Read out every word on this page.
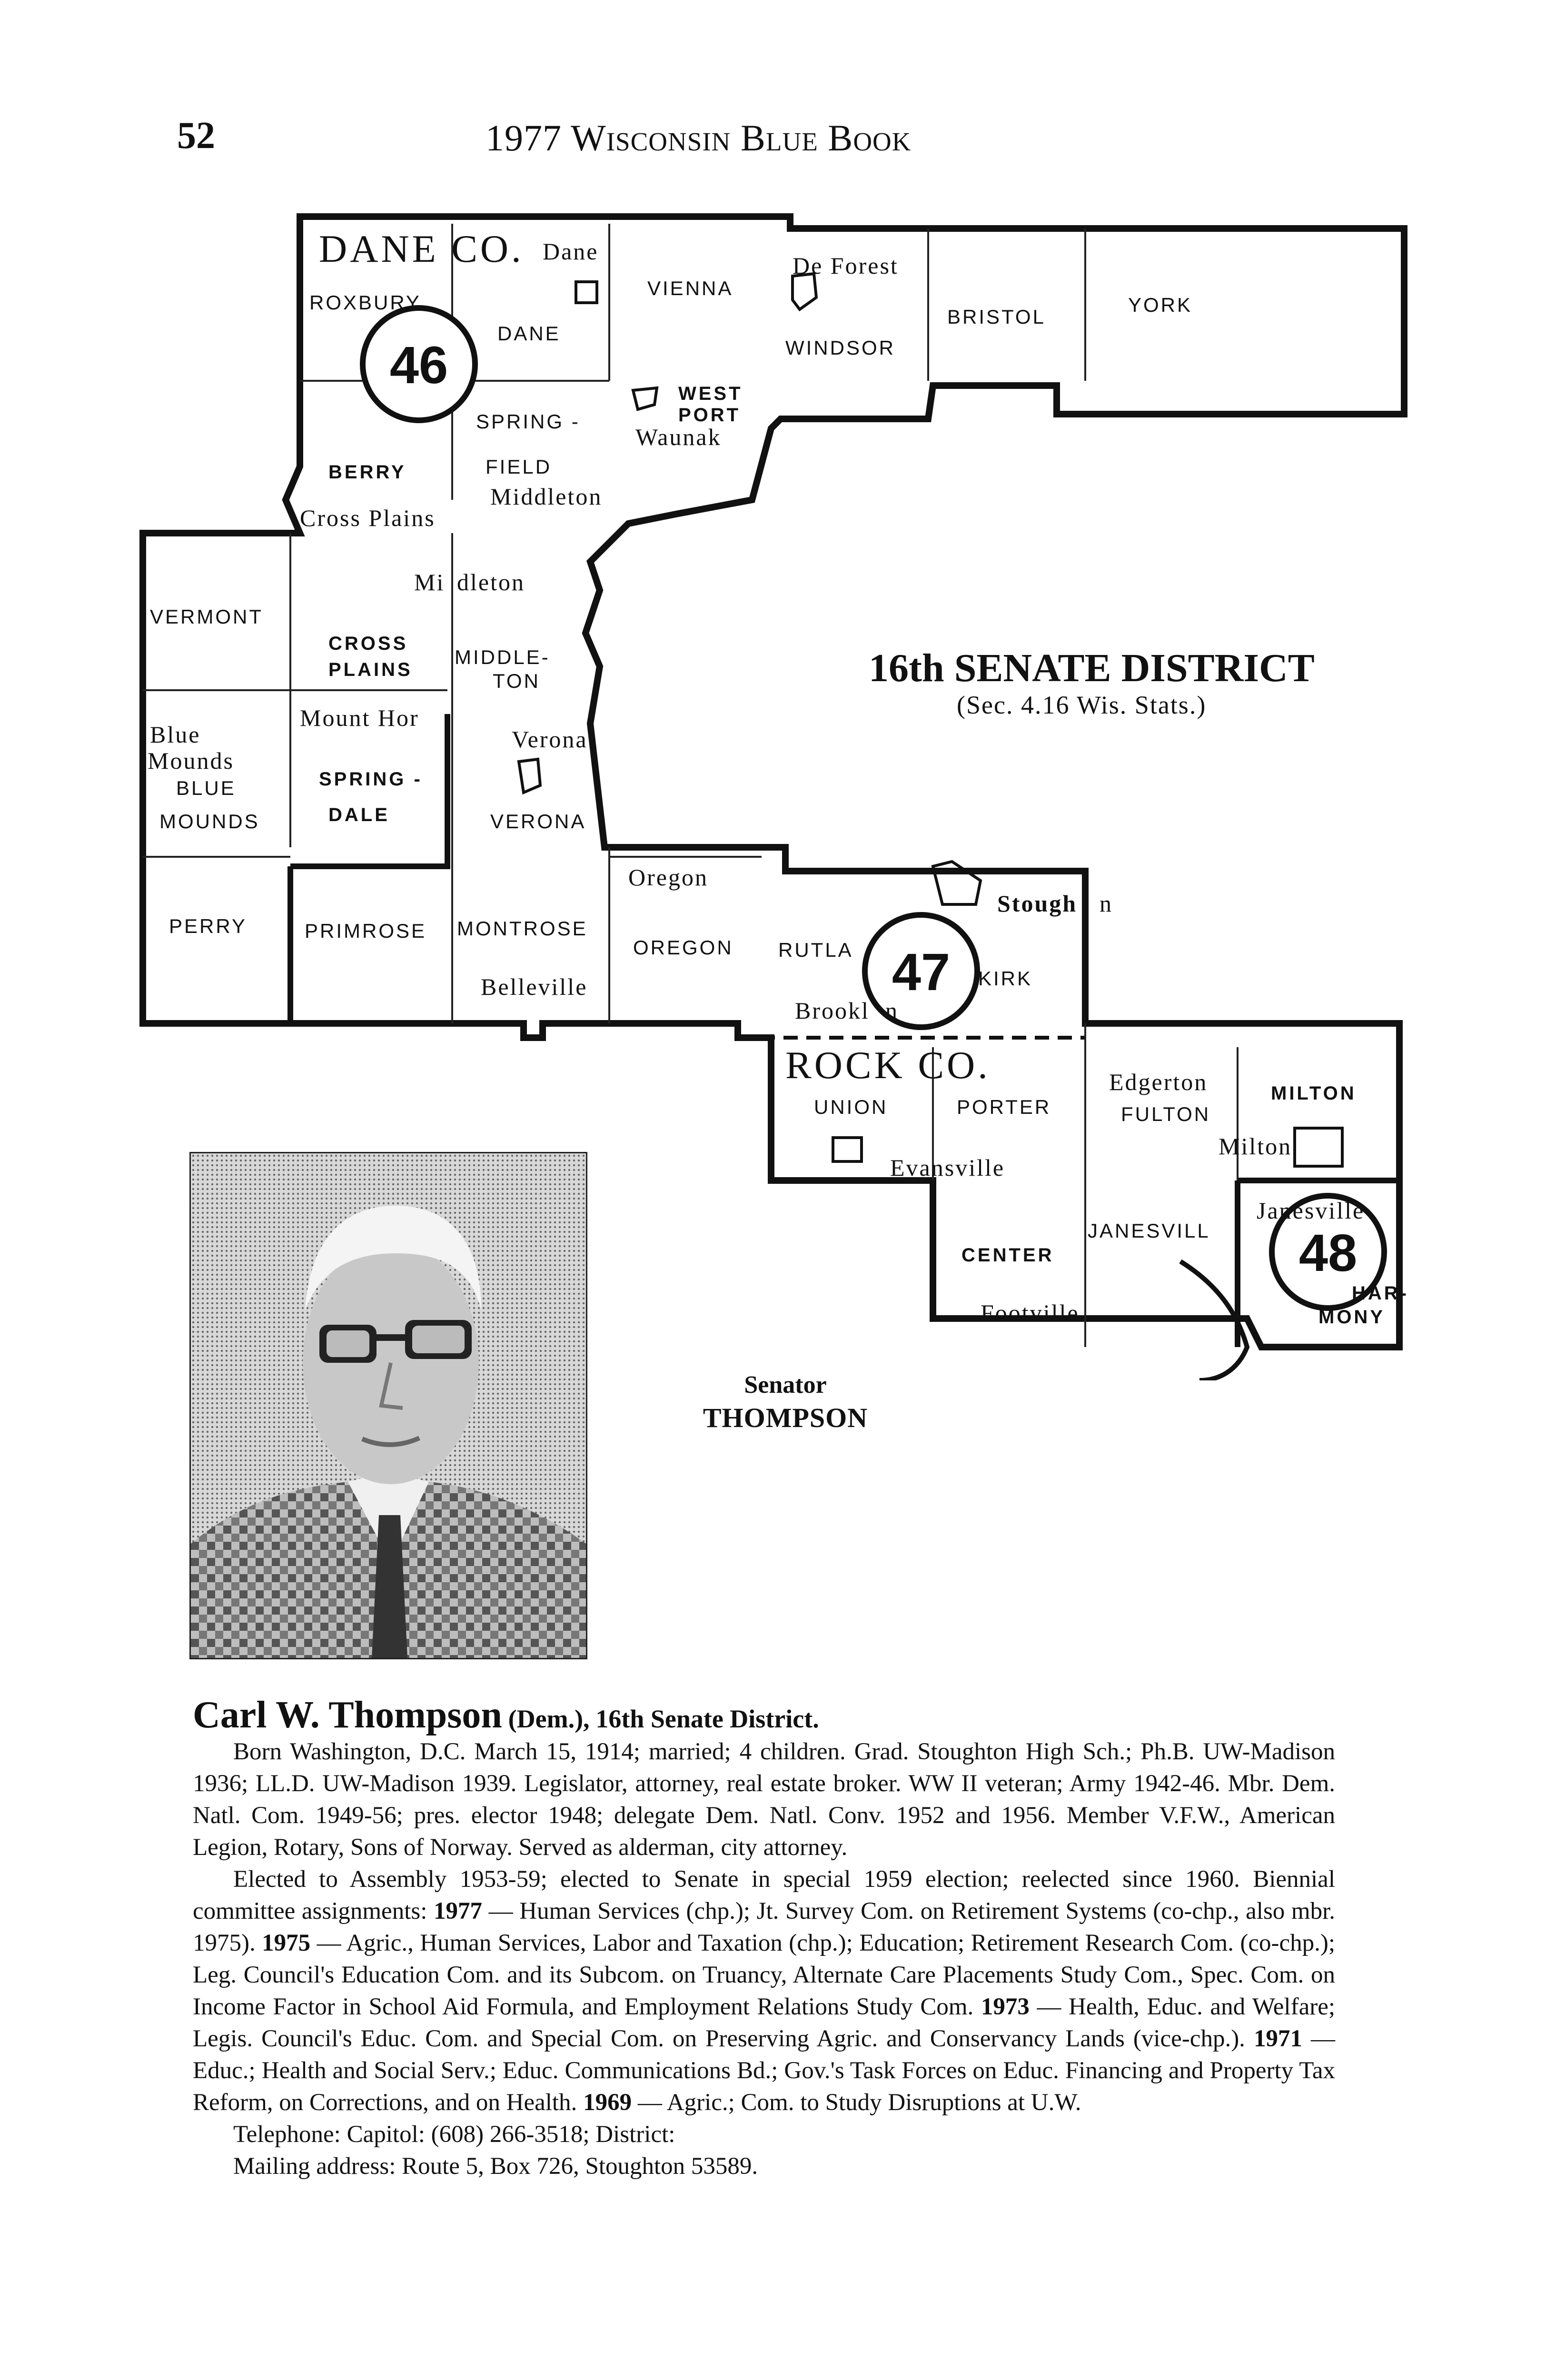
52	1977 Wisconsin Blue Book
46
47
48
DANE CO.
ROCK CO.
ROXBURY
DANE
VIENNA
WINDSOR
BRISTOL
YORK
WEST
PORT
SPRING -
FIELD
BERRY
VERMONT
CROSS
PLAINS
MIDDLE-
TON
BLUE
MOUNDS
SPRING -
DALE	VERONA
PERRY	PRIMROSE MONTROSE
OREGON RUTLA
KIRK
UNION	PORTER	FULTON
MILTON
CENTER
JANESVILL
HAR-
MONY
Dane
De Forest
Waunak
Middleton
Cross Plains
Mi dleton
Blue
Mounds
Mount Hor
Verona
Oregon
Belleville
Stough n
Brookl n
Edgerton
Milton
Evansville
Janesville
Footville
16th SENATE DISTRICT
(Sec. 4.16 Wis. Stats.)
Senator
THOMPSON

Carl W. Thompson (Dem.), 16th Senate District.

Born Washington, D.C. March 15, 1914; married; 4 children. Grad. Stoughton High Sch.; Ph.B. UW-Madison 1936; LL.D. UW-Madison 1939. Legislator, attorney, real estate broker. WW II veteran; Army 1942-46. Mbr. Dem. Natl. Com. 1949-56; pres. elector 1948; delegate Dem. Natl. Conv. 1952 and 1956. Member V.F.W., American Legion, Rotary, Sons of Norway. Served as alderman, city attorney.

Elected to Assembly 1953-59; elected to Senate in special 1959 election; reelected since 1960. Biennial committee assignments: 1977 — Human Services (chp.); Jt. Survey Com. on Retirement Systems (co-chp., also mbr. 1975). 1975 — Agric., Human Services, Labor and Taxation (chp.); Education; Retirement Research Com. (co-chp.); Leg. Council's Education Com. and its Subcom. on Truancy, Alternate Care Placements Study Com., Spec. Com. on Income Factor in School Aid Formula, and Employment Relations Study Com. 1973 — Health, Educ. and Welfare; Legis. Council's Educ. Com. and Special Com. on Preserving Agric. and Conservancy Lands (vice-chp.). 1971 — Educ.; Health and Social Serv.; Educ. Communications Bd.; Gov.'s Task Forces on Educ. Financing and Property Tax Reform, on Corrections, and on Health. 1969 — Agric.; Com. to Study Disruptions at U.W.

Telephone: Capitol: (608) 266-3518; District:

Mailing address: Route 5, Box 726, Stoughton 53589.
